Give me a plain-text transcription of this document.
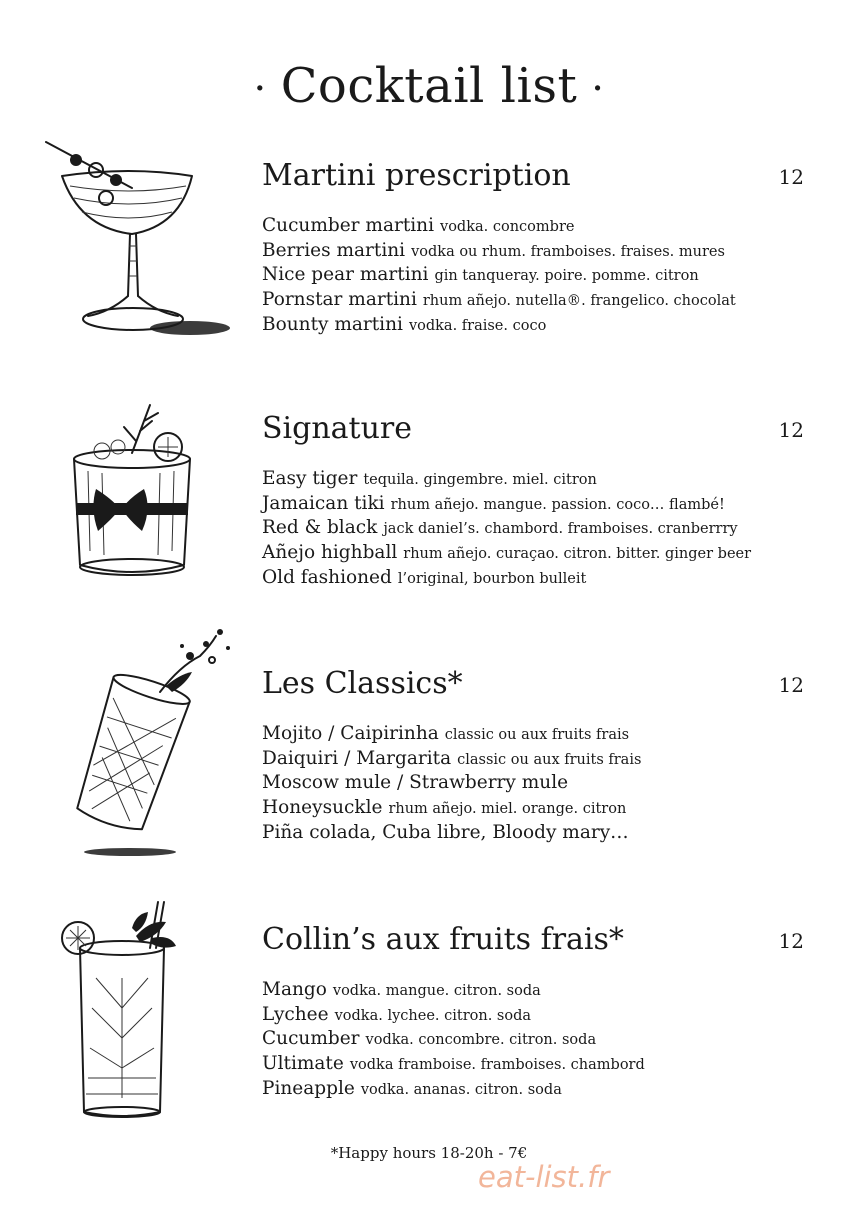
· Cocktail list ·
Martini prescription	12
Cucumber martini vodka. concombre
Berries martini vodka ou rhum. framboises. fraises. mures
Nice pear martini gin tanqueray. poire. pomme. citron
Pornstar martini rhum añejo. nutella®. frangelico. chocolat
Bounty martini vodka. fraise. coco
Signature	12
Easy tiger tequila. gingembre. miel. citron
Jamaican tiki rhum añejo. mangue. passion. coco… flambé!
Red & black jack daniel’s. chambord. framboises. cranberrry
Añejo highball rhum añejo. curaçao. citron. bitter. ginger beer
Old fashioned l’original, bourbon bulleit
Les Classics*	12
Mojito / Caipirinha classic ou aux fruits frais
Daiquiri / Margarita classic ou aux fruits frais
Moscow mule / Strawberry mule
Honeysuckle rhum añejo. miel. orange. citron
Piña colada, Cuba libre, Bloody mary…
Collin’s aux fruits frais*	12
Mango vodka. mangue. citron. soda
Lychee vodka. lychee. citron. soda
Cucumber vodka. concombre. citron. soda
Ultimate vodka framboise. framboises. chambord
Pineapple vodka. ananas. citron. soda
*Happy hours 18-20h - 7€
eat-list.fr
